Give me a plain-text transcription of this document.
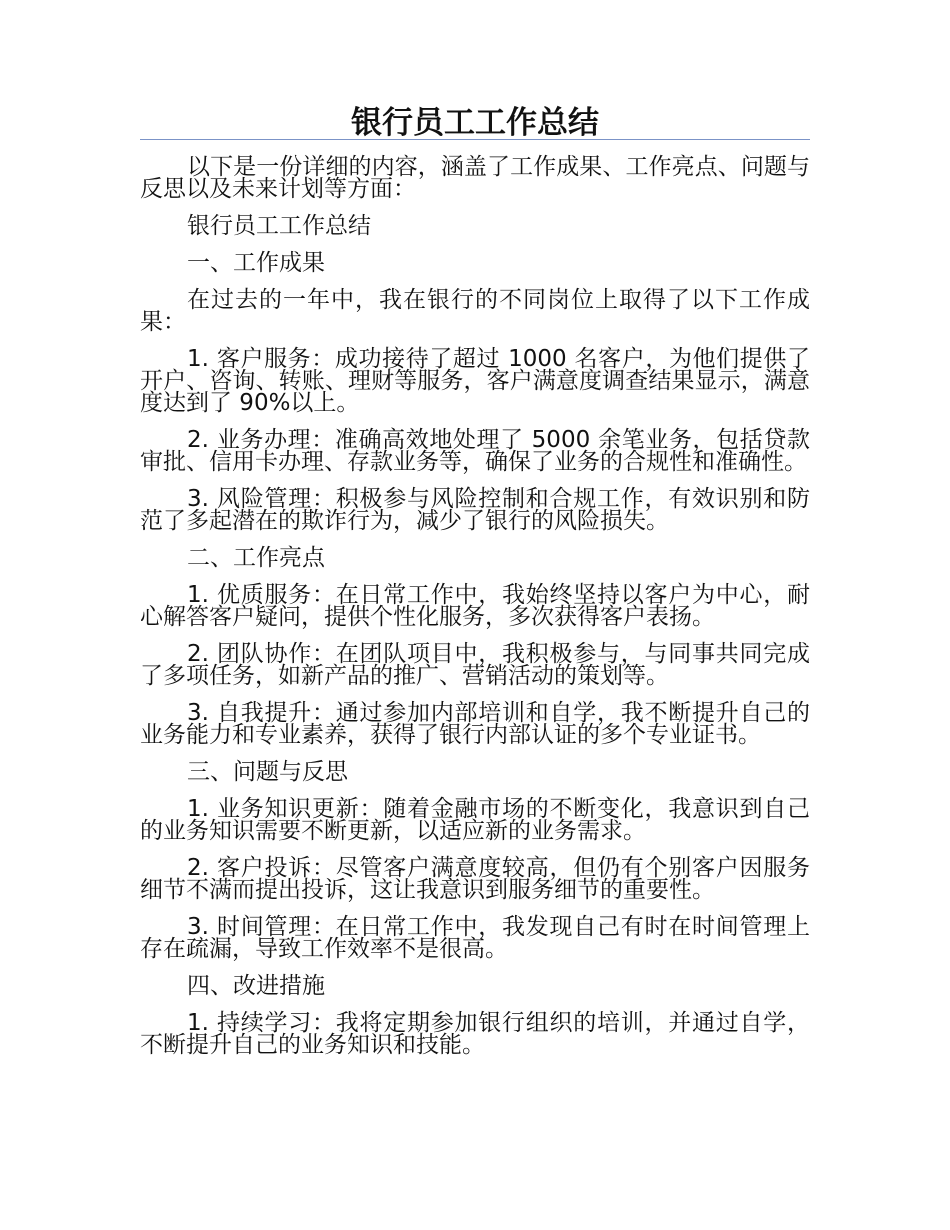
银行员工工作总结

以下是一份详细的内容，涵盖了工作成果、工作亮点、问题与反思以及未来计划等方面：

银行员工工作总结

一、工作成果

在过去的一年中，我在银行的不同岗位上取得了以下工作成果：

1. 客户服务：成功接待了超过 1000 名客户，为他们提供了开户、咨询、转账、理财等服务，客户满意度调查结果显示，满意度达到了 90%以上。

2. 业务办理：准确高效地处理了 5000 余笔业务，包括贷款审批、信用卡办理、存款业务等，确保了业务的合规性和准确性。

3. 风险管理：积极参与风险控制和合规工作，有效识别和防范了多起潜在的欺诈行为，减少了银行的风险损失。

二、工作亮点

1. 优质服务：在日常工作中，我始终坚持以客户为中心，耐心解答客户疑问，提供个性化服务，多次获得客户表扬。

2. 团队协作：在团队项目中，我积极参与，与同事共同完成了多项任务，如新产品的推广、营销活动的策划等。

3. 自我提升：通过参加内部培训和自学，我不断提升自己的业务能力和专业素养，获得了银行内部认证的多个专业证书。

三、问题与反思

1. 业务知识更新：随着金融市场的不断变化，我意识到自己的业务知识需要不断更新，以适应新的业务需求。

2. 客户投诉：尽管客户满意度较高，但仍有个别客户因服务细节不满而提出投诉，这让我意识到服务细节的重要性。

3. 时间管理：在日常工作中，我发现自己有时在时间管理上存在疏漏，导致工作效率不是很高。

四、改进措施

1. 持续学习：我将定期参加银行组织的培训，并通过自学，不断提升自己的业务知识和技能。
